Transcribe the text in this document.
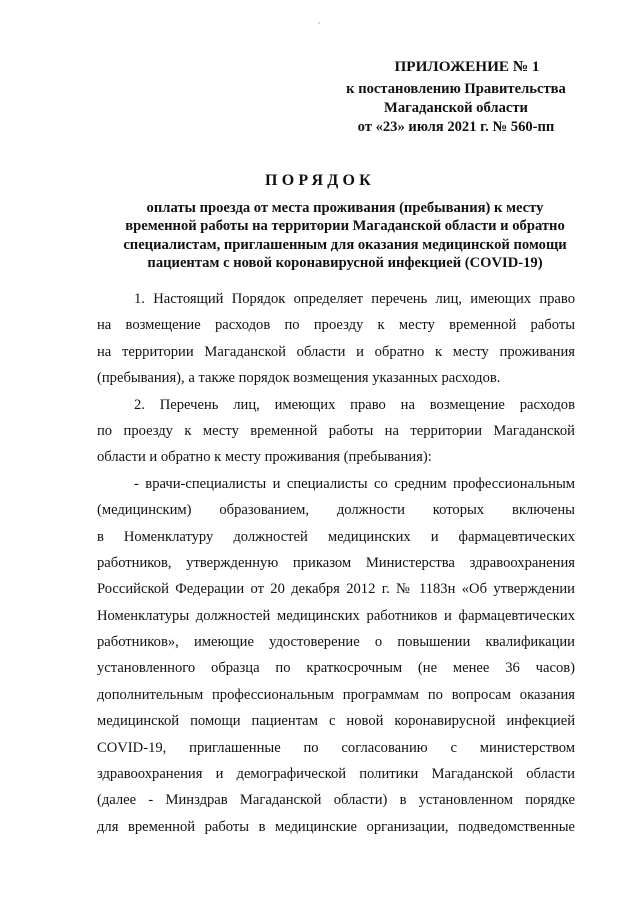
ПРИЛОЖЕНИЕ № 1
к постановлению Правительства
Магаданской области
от «23» июля 2021 г. № 560-пп
ПОРЯДОК
оплаты проезда от места проживания (пребывания) к месту
временной работы на территории Магаданской области и обратно
специалистам, приглашенным для оказания медицинской помощи
пациентам с новой коронавирусной инфекцией (COVID-19)
1. Настоящий Порядок определяет перечень лиц, имеющих право
на возмещение расходов по проезду к месту временной работы
на территории Магаданской области и обратно к месту проживания
(пребывания), а также порядок возмещения указанных расходов.
2. Перечень лиц, имеющих право на возмещение расходов
по проезду к месту временной работы на территории Магаданской
области и обратно к месту проживания (пребывания):
- врачи-специалисты и специалисты со средним профессиональным
(медицинским) образованием, должности которых включены
в Номенклатуру должностей медицинских и фармацевтических
работников, утвержденную приказом Министерства здравоохранения
Российской Федерации от 20 декабря 2012 г. № 1183н «Об утверждении
Номенклатуры должностей медицинских работников и фармацевтических
работников», имеющие удостоверение о повышении квалификации
установленного образца по краткосрочным (не менее 36 часов)
дополнительным профессиональным программам по вопросам оказания
медицинской помощи пациентам с новой коронавирусной инфекцией
COVID-19, приглашенные по согласованию с министерством
здравоохранения и демографической политики Магаданской области
(далее - Минздрав Магаданской области) в установленном порядке
для временной работы в медицинские организации, подведомственные
